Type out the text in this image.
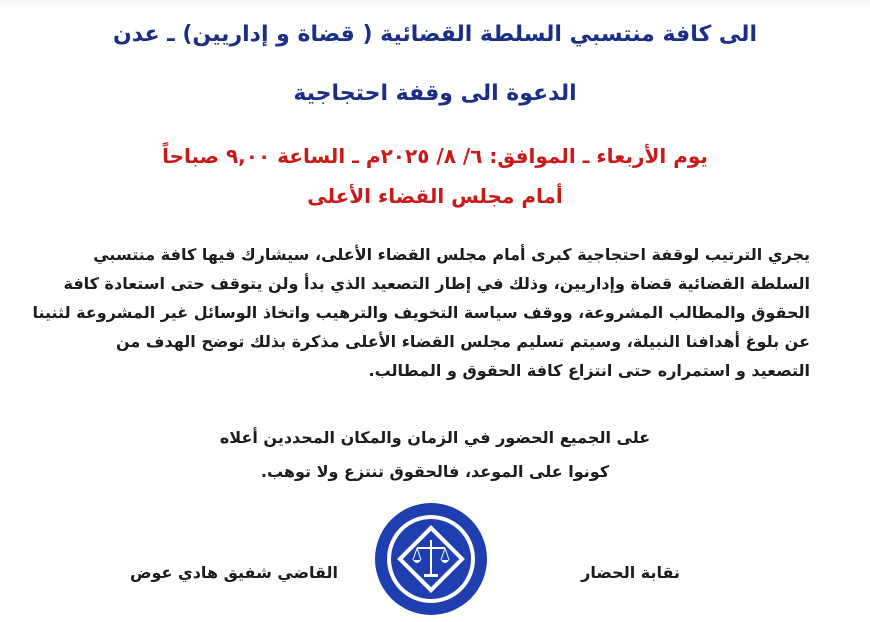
الى كافة منتسبي السلطة القضائية ( قضاة و إداريين) ـ عدن
الدعوة الى وقفة احتجاجية
يوم الأربعاء ـ الموافق: ٦/ ٨/ ٢٠٢٥م ـ الساعة ٩,٠٠ صباحاً
أمام مجلس القضاء الأعلى
يجري الترتيب لوقفة احتجاجية كبرى أمام مجلس القضاء الأعلى، سيشارك فيها كافة منتسبي
السلطة القضائية قضاة وإداريين، وذلك في إطار التصعيد الذي بدأ ولن يتوقف حتى استعادة كافة
الحقوق والمطالب المشروعة، ووقف سياسة التخويف والترهيب واتخاذ الوسائل غير المشروعة لثنينا
عن بلوغ أهدافنا النبيلة، وسيتم تسليم مجلس القضاء الأعلى مذكرة بذلك توضح الهدف من
التصعيد و استمراره حتى انتزاع كافة الحقوق و المطالب.
على الجميع الحضور في الزمان والمكان المحددين أعلاه
كونوا على الموعد، فالحقوق تنتزع ولا توهب.
نقابة الحضار
القاضي شفيق هادي عوض
